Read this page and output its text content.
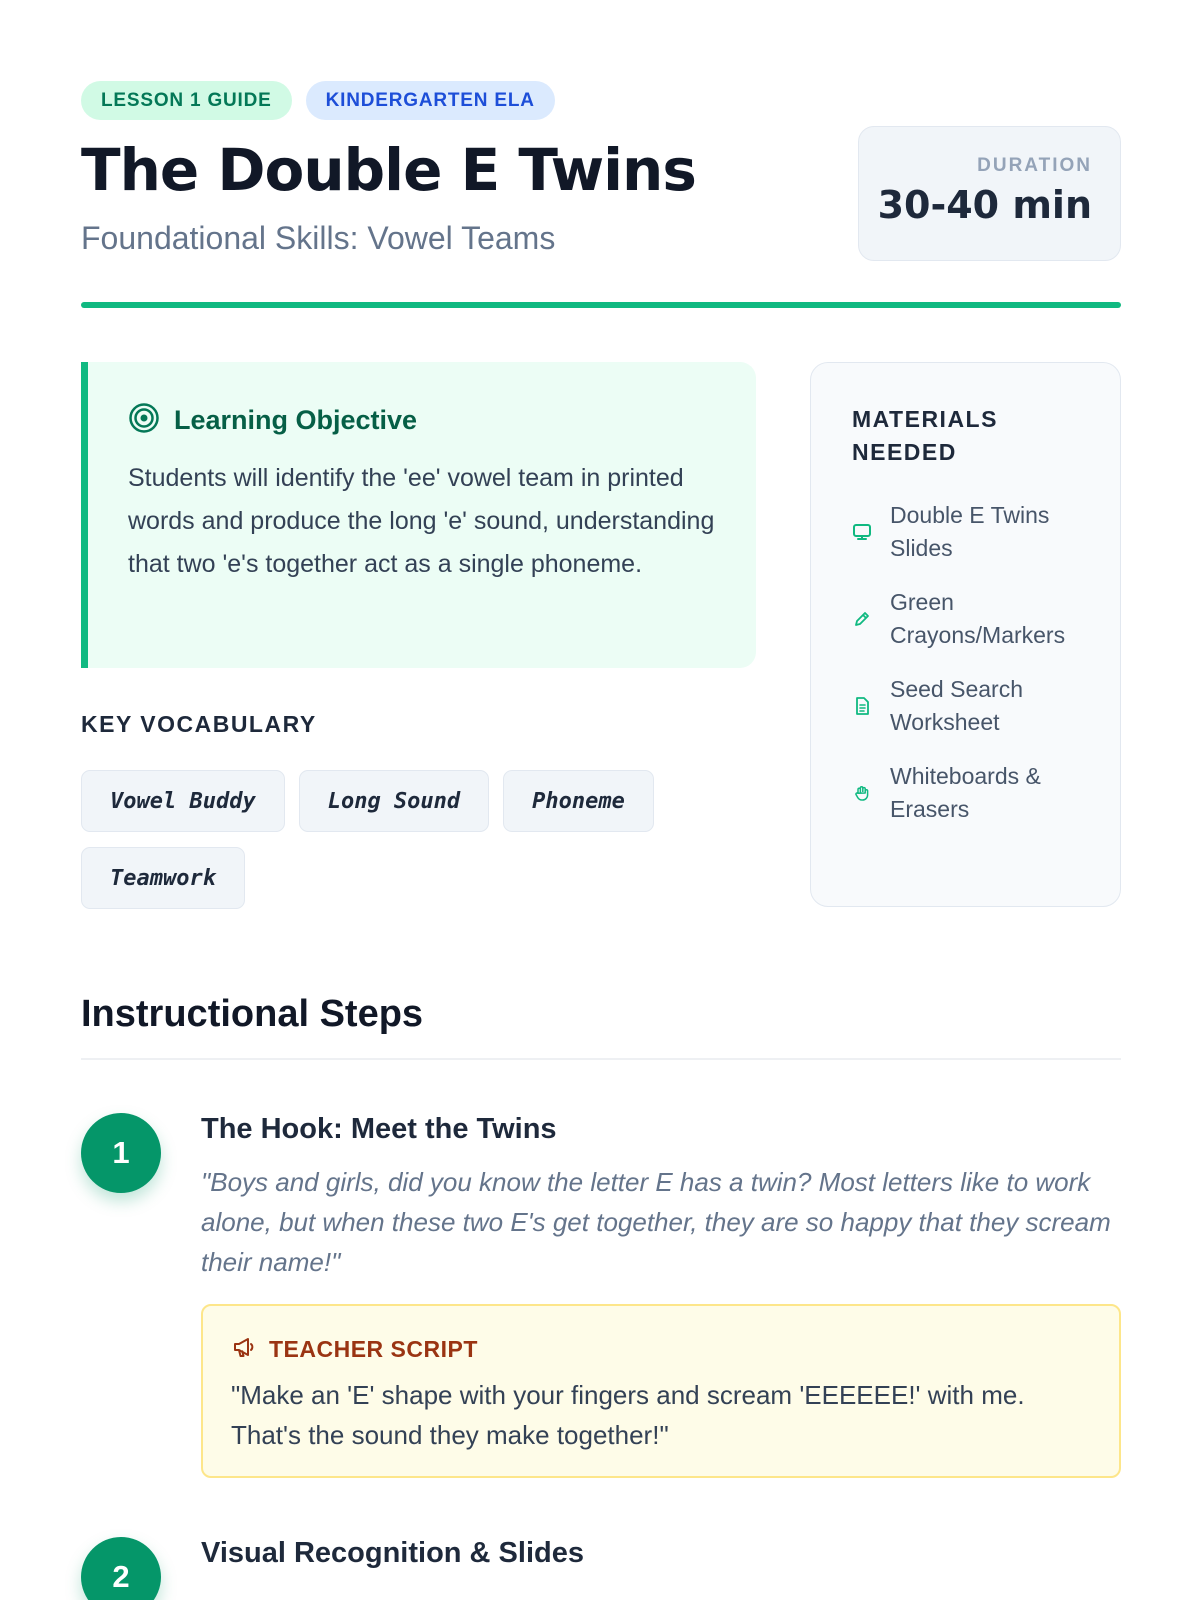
LESSON 1 GUIDE	KINDERGARTEN ELA
The Double E Twins
Foundational Skills: Vowel Teams
DURATION
30-40 min
Learning Objective

Students will identify the 'ee' vowel team in printed words and produce the long 'e' sound, understanding that two 'e's together act as a single phoneme.

KEY VOCABULARY
Vowel Buddy	Long Sound	Phoneme
Teamwork
MATERIALS NEEDED
Double E Twins Slides
Green Crayons/Markers
Seed Search Worksheet
Whiteboards & Erasers
Instructional Steps
1
The Hook: Meet the Twins

"Boys and girls, did you know the letter E has a twin? Most letters like to work alone, but when these two E's get together, they are so happy that they scream their name!"

TEACHER SCRIPT

"Make an 'E' shape with your fingers and scream 'EEEEEE!' with me. That's the sound they make together!"

2
Visual Recognition & Slides
